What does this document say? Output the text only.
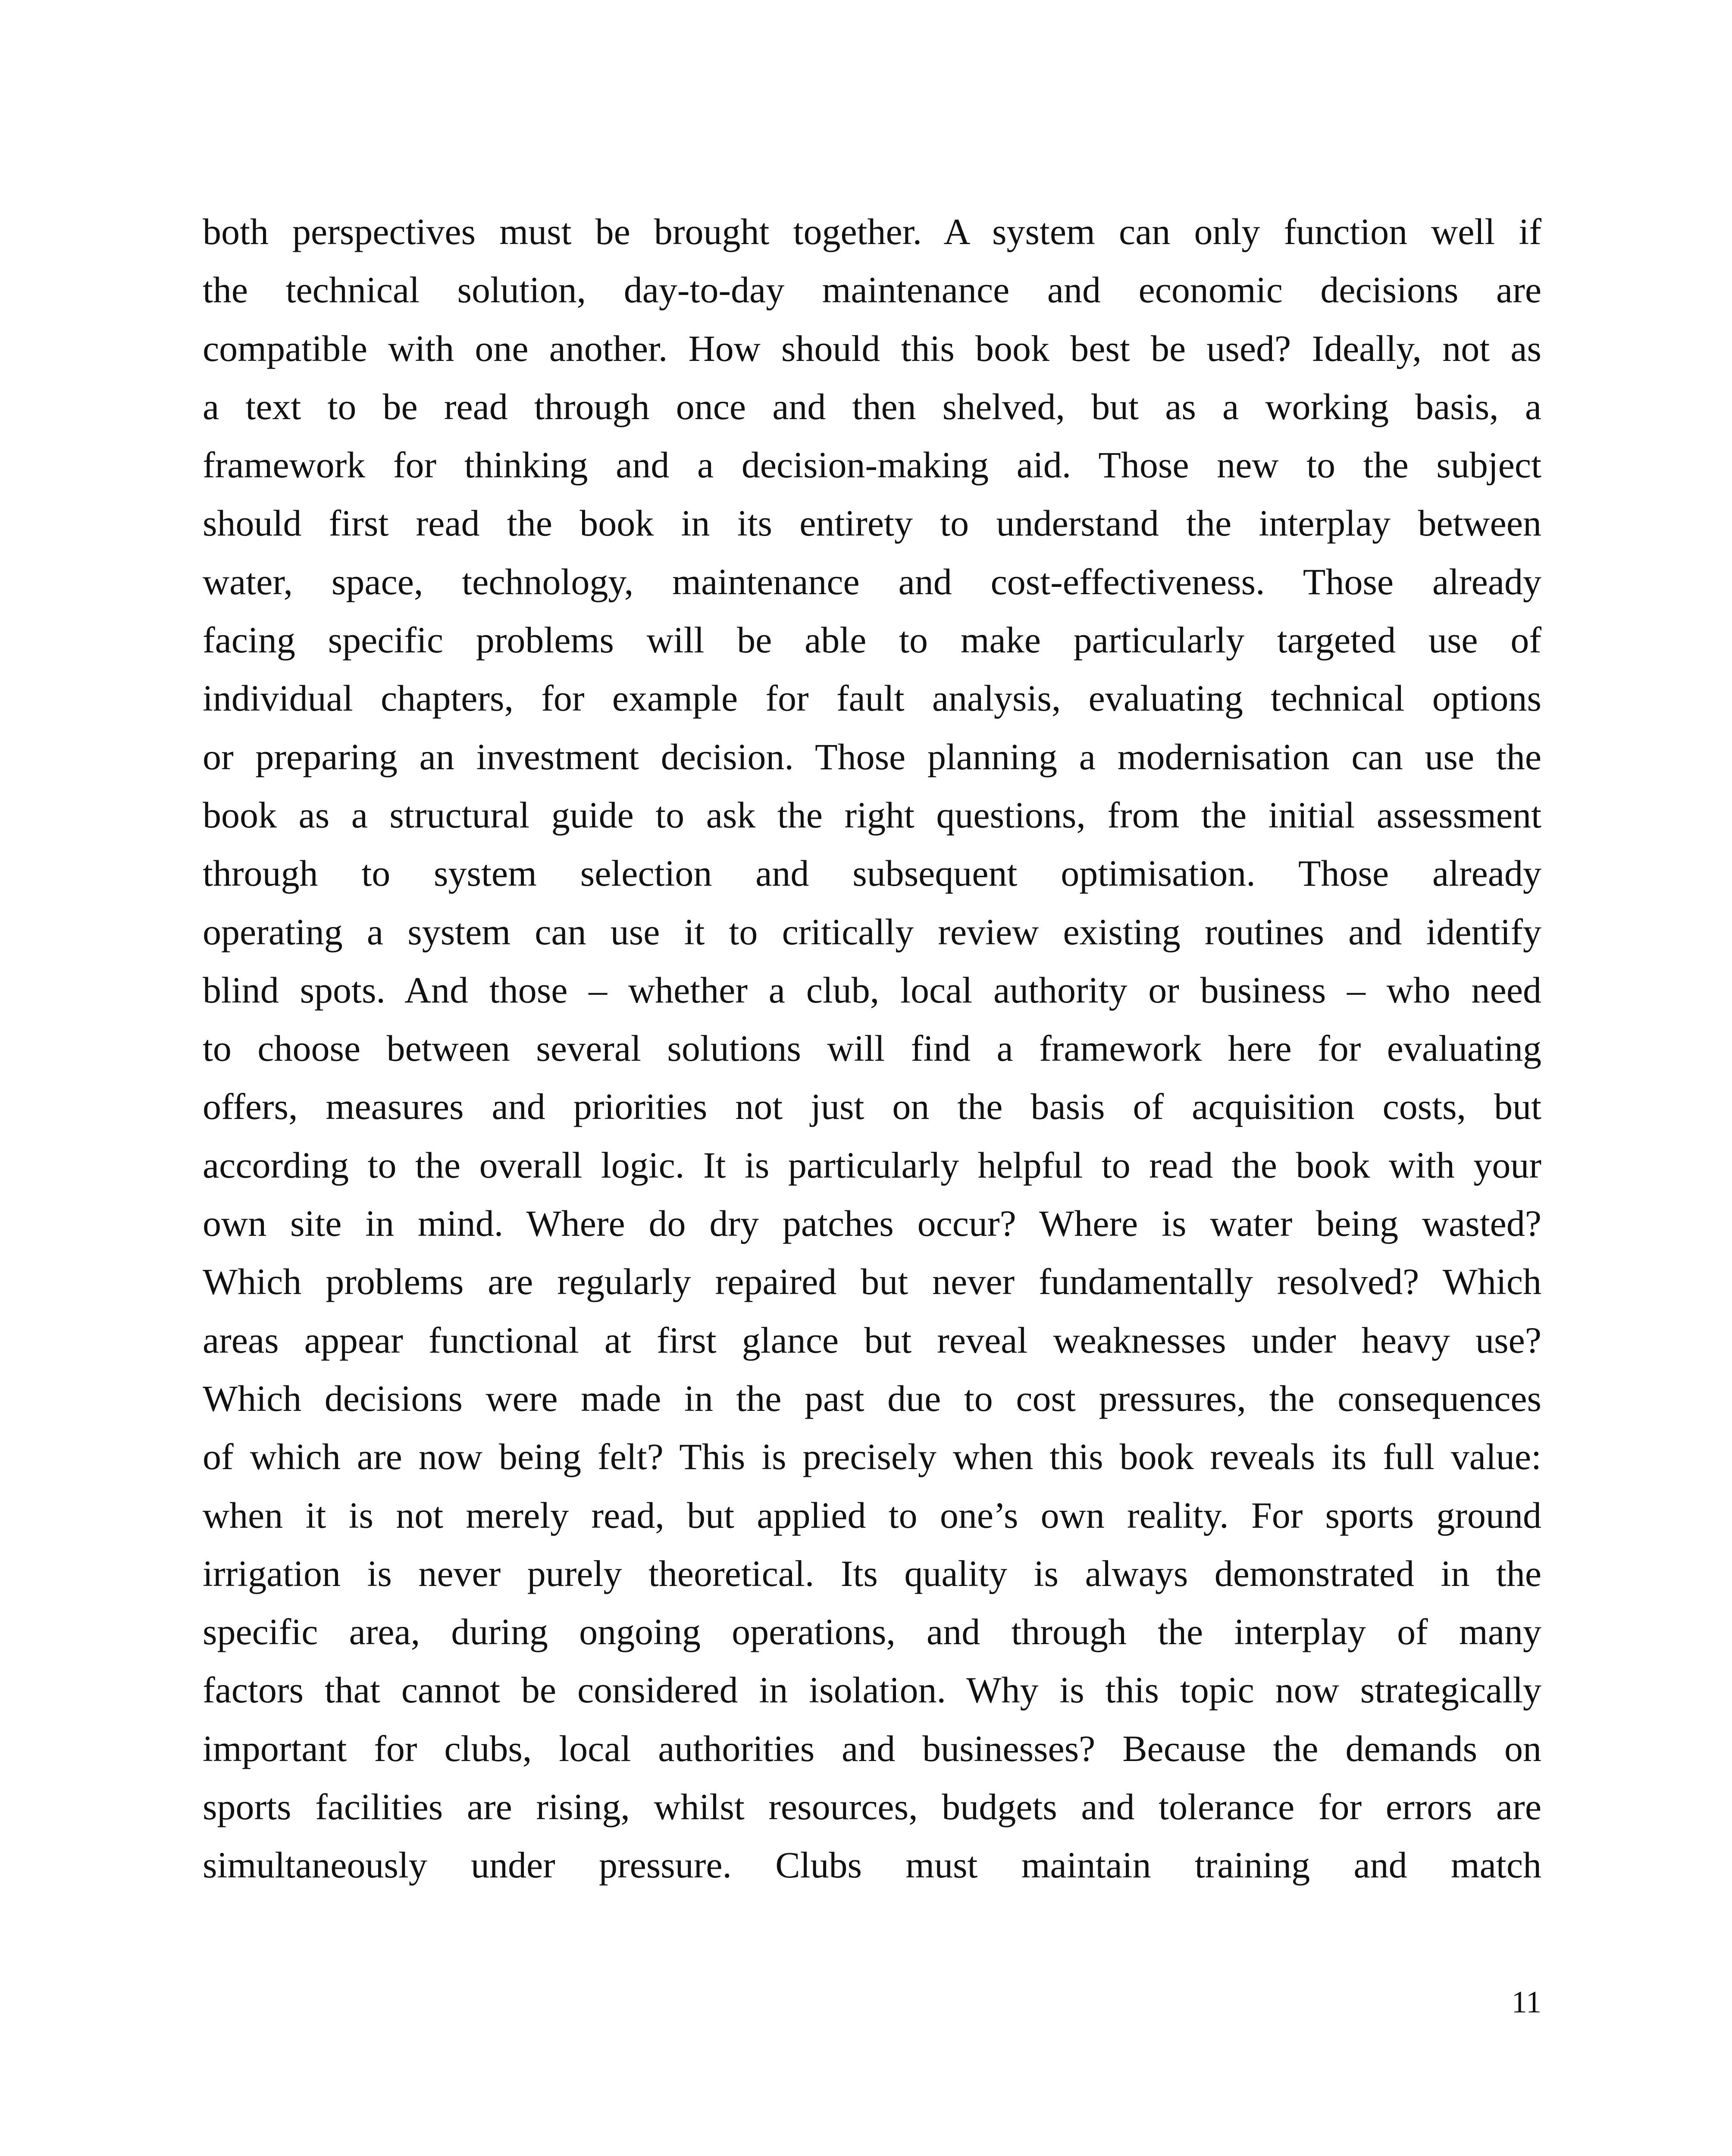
both perspectives must be brought together. A system can only function well if
the technical solution, day-to-day maintenance and economic decisions are
compatible with one another. How should this book best be used? Ideally, not as
a text to be read through once and then shelved, but as a working basis, a
framework for thinking and a decision-making aid. Those new to the subject
should first read the book in its entirety to understand the interplay between
water, space, technology, maintenance and cost-effectiveness. Those already
facing specific problems will be able to make particularly targeted use of
individual chapters, for example for fault analysis, evaluating technical options
or preparing an investment decision. Those planning a modernisation can use the
book as a structural guide to ask the right questions, from the initial assessment
through to system selection and subsequent optimisation. Those already
operating a system can use it to critically review existing routines and identify
blind spots. And those – whether a club, local authority or business – who need
to choose between several solutions will find a framework here for evaluating
offers, measures and priorities not just on the basis of acquisition costs, but
according to the overall logic. It is particularly helpful to read the book with your
own site in mind. Where do dry patches occur? Where is water being wasted?
Which problems are regularly repaired but never fundamentally resolved? Which
areas appear functional at first glance but reveal weaknesses under heavy use?
Which decisions were made in the past due to cost pressures, the consequences
of which are now being felt? This is precisely when this book reveals its full value:
when it is not merely read, but applied to one’s own reality. For sports ground
irrigation is never purely theoretical. Its quality is always demonstrated in the
specific area, during ongoing operations, and through the interplay of many
factors that cannot be considered in isolation. Why is this topic now strategically
important for clubs, local authorities and businesses? Because the demands on
sports facilities are rising, whilst resources, budgets and tolerance for errors are
simultaneously under pressure. Clubs must maintain training and match

11
